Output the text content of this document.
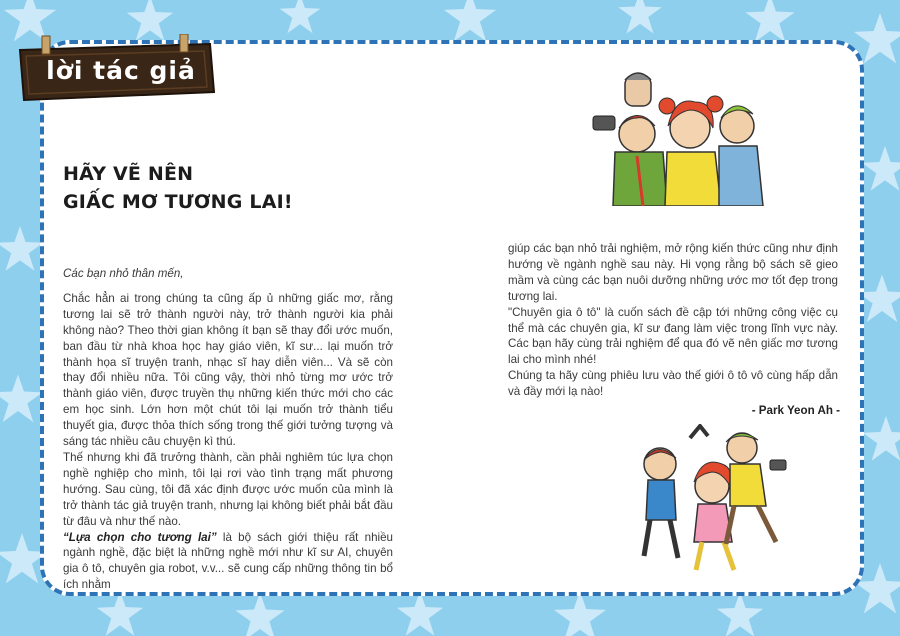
lời tác giả
HÃY VẼ NÊN
GIẤC MƠ TƯƠNG LAI!

Các bạn nhỏ thân mến,

Chắc hẳn ai trong chúng ta cũng ấp ủ những giấc mơ, rằng tương lai sẽ trở thành người này, trở thành người kia phải không nào? Theo thời gian không ít bạn sẽ thay đổi ước muốn, ban đầu từ nhà khoa học hay giáo viên, kĩ sư... lại muốn trở thành họa sĩ truyện tranh, nhạc sĩ hay diễn viên... Và sẽ còn thay đổi nhiều nữa. Tôi cũng vậy, thời nhỏ từng mơ ước trở thành giáo viên, được truyền thụ những kiến thức mới cho các em học sinh. Lớn hơn một chút tôi lại muốn trở thành tiểu thuyết gia, được thỏa thích sống trong thế giới tưởng tượng và sáng tác nhiều câu chuyện kì thú.

Thế nhưng khi đã trưởng thành, cần phải nghiêm túc lựa chọn nghề nghiệp cho mình, tôi lại rơi vào tình trạng mất phương hướng. Sau cùng, tôi đã xác định được ước muốn của mình là trở thành tác giả truyện tranh, nhưng lại không biết phải bắt đầu từ đâu và như thế nào.

“Lựa chọn cho tương lai” là bộ sách giới thiệu rất nhiều ngành nghề, đặc biệt là những nghề mới như kĩ sư AI, chuyên gia ô tô, chuyên gia robot, v.v... sẽ cung cấp những thông tin bổ ích nhằm

giúp các bạn nhỏ trải nghiệm, mở rộng kiến thức cũng như định hướng về ngành nghề sau này. Hi vọng rằng bộ sách sẽ gieo mầm và cùng các bạn nuôi dưỡng những ước mơ tốt đẹp trong tương lai.

"Chuyên gia ô tô" là cuốn sách đề cập tới những công việc cụ thể mà các chuyên gia, kĩ sư đang làm việc trong lĩnh vực này. Các bạn hãy cùng trải nghiệm để qua đó vẽ nên giấc mơ tương lai cho mình nhé!

Chúng ta hãy cùng phiêu lưu vào thế giới ô tô vô cùng hấp dẫn và đầy mới lạ nào!

- Park Yeon Ah -
